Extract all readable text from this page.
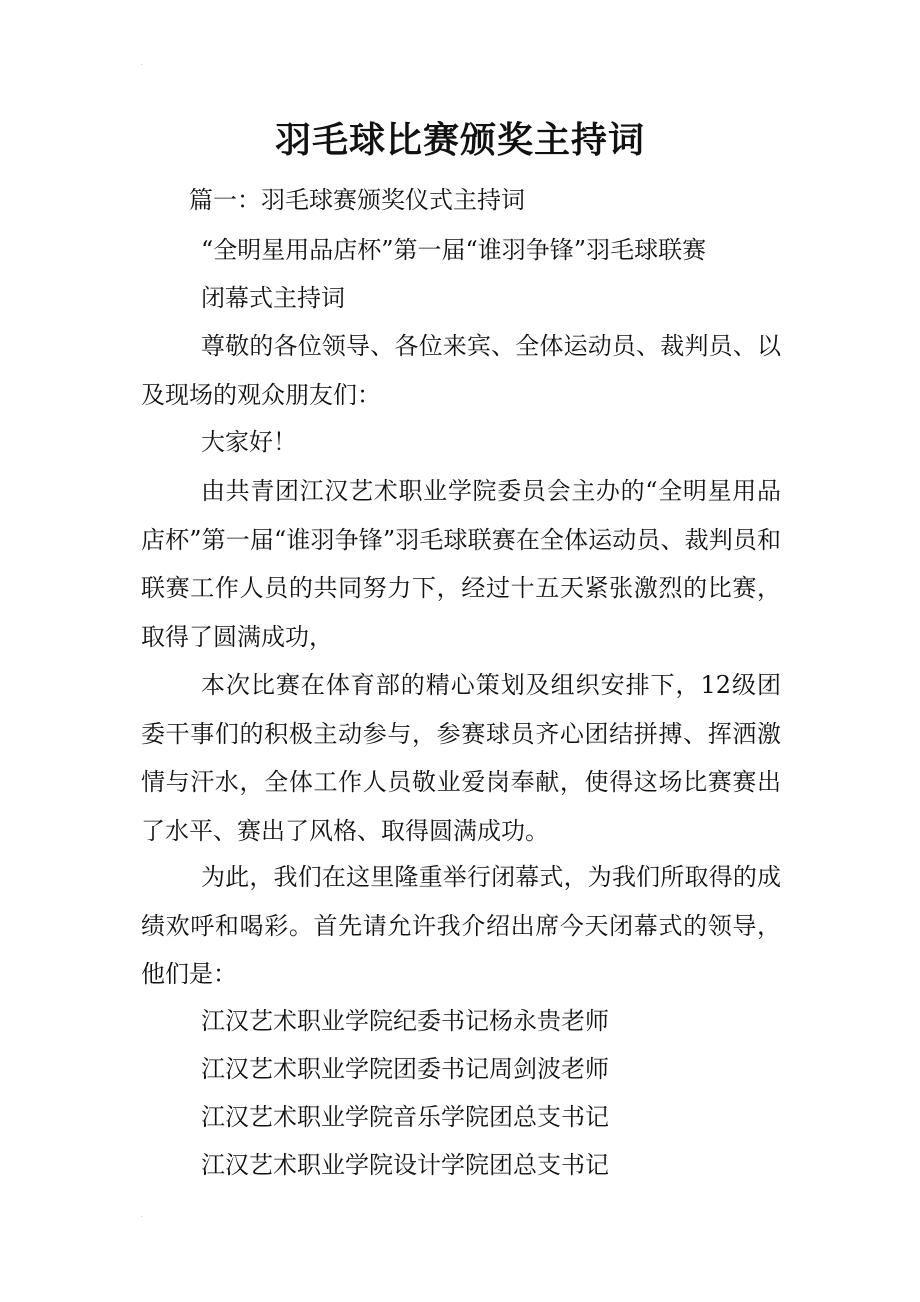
·
羽毛球比赛颁奖主持词
篇一：羽毛球赛颁奖仪式主持词
“全明星用品店杯”第一届“谁羽争锋”羽毛球联赛
闭幕式主持词
尊敬的各位领导、各位来宾、全体运动员、裁判员、以及现场的观众朋友们：
大家好！
由共青团江汉艺术职业学院委员会主办的“全明星用品店杯”第一届“谁羽争锋”羽毛球联赛在全体运动员、裁判员和联赛工作人员的共同努力下，经过十五天紧张激烈的比赛，取得了圆满成功，
本次比赛在体育部的精心策划及组织安排下，12级团委干事们的积极主动参与，参赛球员齐心团结拼搏、挥洒激情与汗水，全体工作人员敬业爱岗奉献，使得这场比赛赛出了水平、赛出了风格、取得圆满成功。
为此，我们在这里隆重举行闭幕式，为我们所取得的成绩欢呼和喝彩。首先请允许我介绍出席今天闭幕式的领导，他们是：
江汉艺术职业学院纪委书记杨永贵老师
江汉艺术职业学院团委书记周剑波老师
江汉艺术职业学院音乐学院团总支书记
江汉艺术职业学院设计学院团总支书记
·
